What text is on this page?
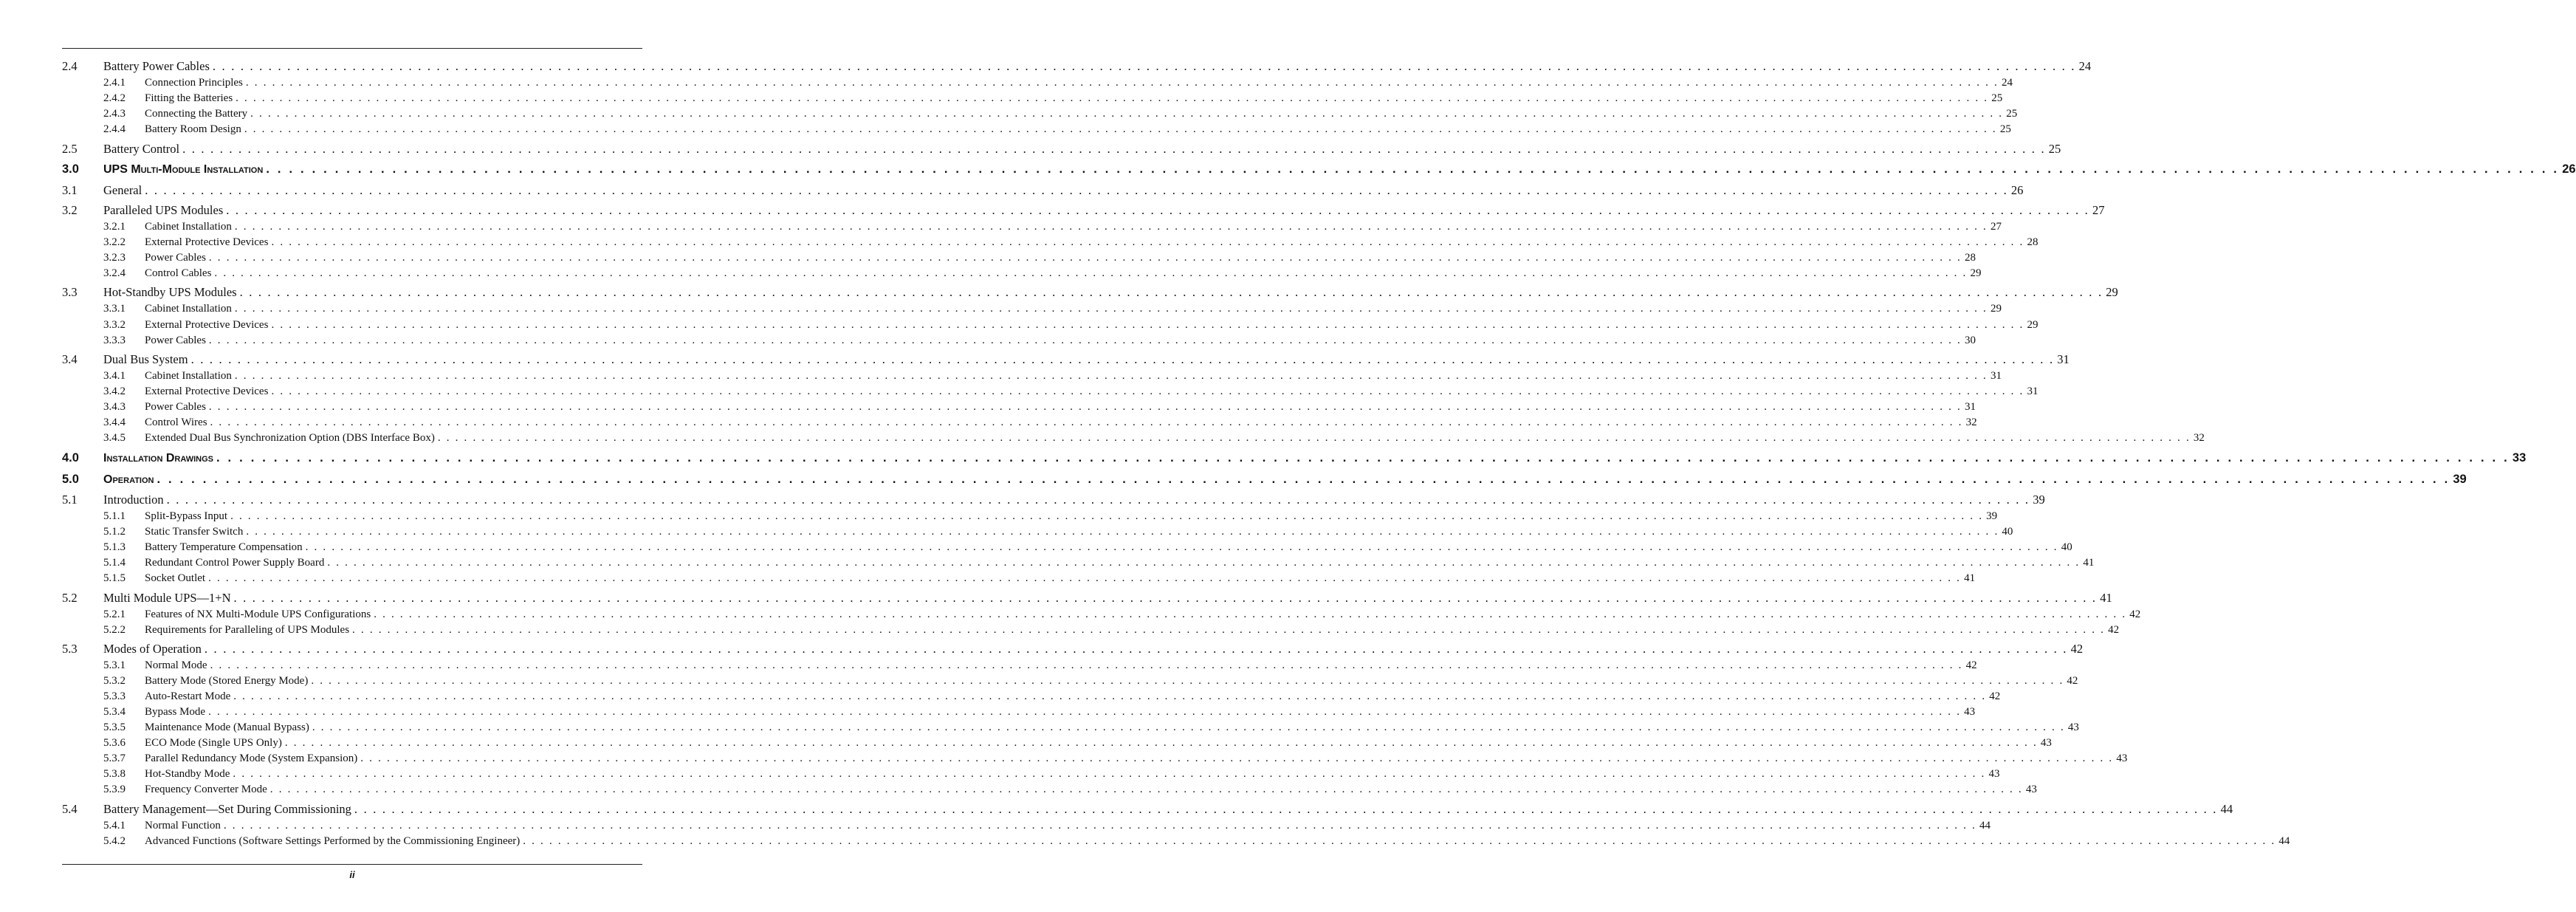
2.4	Battery Power Cables . . . . . . . . . . . . . . . . . . . . . . . . . . . . . . . . . . . . . . . . . . . . . . . . . . . . . . . . . . . . . . . . . . . . . . . . . . . . . . . . . . . . . . . . . . . . . . . . . . . . . . . . . . . . . . . . . . . . . . . . . . . . . . . . . . . . . . . . . . . . . . . . . . . . . . . . . . . . . . . . . . . . . . . . . . . . . . . . . . . . . . . . . . . . . . . . . . . . . . . . 24
2.4.1	Connection Principles . . . . . . . . . . . . . . . . . . . . . . . . . . . . . . . . . . . . . . . . . . . . . . . . . . . . . . . . . . . . . . . . . . . . . . . . . . . . . . . . . . . . . . . . . . . . . . . . . . . . . . . . . . . . . . . . . . . . . . . . . . . . . . . . . . . . . . . . . . . . . . . . . . . . . . . . . . . . . . . . . . . . . . . . . . . . . . . . . . . . . . . . . . . . . . . . . . . . . . . . 24
2.4.2	Fitting the Batteries . . . . . . . . . . . . . . . . . . . . . . . . . . . . . . . . . . . . . . . . . . . . . . . . . . . . . . . . . . . . . . . . . . . . . . . . . . . . . . . . . . . . . . . . . . . . . . . . . . . . . . . . . . . . . . . . . . . . . . . . . . . . . . . . . . . . . . . . . . . . . . . . . . . . . . . . . . . . . . . . . . . . . . . . . . . . . . . . . . . . . . . . . . . . . . . . . . . . . . . . 25
2.4.3	Connecting the Battery . . . . . . . . . . . . . . . . . . . . . . . . . . . . . . . . . . . . . . . . . . . . . . . . . . . . . . . . . . . . . . . . . . . . . . . . . . . . . . . . . . . . . . . . . . . . . . . . . . . . . . . . . . . . . . . . . . . . . . . . . . . . . . . . . . . . . . . . . . . . . . . . . . . . . . . . . . . . . . . . . . . . . . . . . . . . . . . . . . . . . . . . . . . . . . . . . . . . . . . . 25
2.4.4	Battery Room Design . . . . . . . . . . . . . . . . . . . . . . . . . . . . . . . . . . . . . . . . . . . . . . . . . . . . . . . . . . . . . . . . . . . . . . . . . . . . . . . . . . . . . . . . . . . . . . . . . . . . . . . . . . . . . . . . . . . . . . . . . . . . . . . . . . . . . . . . . . . . . . . . . . . . . . . . . . . . . . . . . . . . . . . . . . . . . . . . . . . . . . . . . . . . . . . . . . . . . . . . 25
2.5	Battery Control . . . . . . . . . . . . . . . . . . . . . . . . . . . . . . . . . . . . . . . . . . . . . . . . . . . . . . . . . . . . . . . . . . . . . . . . . . . . . . . . . . . . . . . . . . . . . . . . . . . . . . . . . . . . . . . . . . . . . . . . . . . . . . . . . . . . . . . . . . . . . . . . . . . . . . . . . . . . . . . . . . . . . . . . . . . . . . . . . . . . . . . . . . . . . . . . . . . . . . . . 25
3.0	UPS Multi-Module Installation . . . . . . . . . . . . . . . . . . . . . . . . . . . . . . . . . . . . . . . . . . . . . . . . . . . . . . . . . . . . . . . . . . . . . . . . . . . . . . . . . . . . . . . . . . . . . . . . . . . . . . . . . . . . . . . . . . . . . . . . . . . . . . . . . . . . . . . . . . . . . . . . . . . . . . . . . . . . . . . . . . . . . . . . . . . . . . . . . . . . . . . . . . . . . . . . . . . . . . . . 26
3.1	General . . . . . . . . . . . . . . . . . . . . . . . . . . . . . . . . . . . . . . . . . . . . . . . . . . . . . . . . . . . . . . . . . . . . . . . . . . . . . . . . . . . . . . . . . . . . . . . . . . . . . . . . . . . . . . . . . . . . . . . . . . . . . . . . . . . . . . . . . . . . . . . . . . . . . . . . . . . . . . . . . . . . . . . . . . . . . . . . . . . . . . . . . . . . . . . . . . . . . . . . 26
3.2	Paralleled UPS Modules . . . . . . . . . . . . . . . . . . . . . . . . . . . . . . . . . . . . . . . . . . . . . . . . . . . . . . . . . . . . . . . . . . . . . . . . . . . . . . . . . . . . . . . . . . . . . . . . . . . . . . . . . . . . . . . . . . . . . . . . . . . . . . . . . . . . . . . . . . . . . . . . . . . . . . . . . . . . . . . . . . . . . . . . . . . . . . . . . . . . . . . . . . . . . . . . . . . . . . . . 27
3.2.1	Cabinet Installation . . . . . . . . . . . . . . . . . . . . . . . . . . . . . . . . . . . . . . . . . . . . . . . . . . . . . . . . . . . . . . . . . . . . . . . . . . . . . . . . . . . . . . . . . . . . . . . . . . . . . . . . . . . . . . . . . . . . . . . . . . . . . . . . . . . . . . . . . . . . . . . . . . . . . . . . . . . . . . . . . . . . . . . . . . . . . . . . . . . . . . . . . . . . . . . . . . . . . . . . 27
3.2.2	External Protective Devices . . . . . . . . . . . . . . . . . . . . . . . . . . . . . . . . . . . . . . . . . . . . . . . . . . . . . . . . . . . . . . . . . . . . . . . . . . . . . . . . . . . . . . . . . . . . . . . . . . . . . . . . . . . . . . . . . . . . . . . . . . . . . . . . . . . . . . . . . . . . . . . . . . . . . . . . . . . . . . . . . . . . . . . . . . . . . . . . . . . . . . . . . . . . . . . . . . . . . . . . 28
3.2.3	Power Cables . . . . . . . . . . . . . . . . . . . . . . . . . . . . . . . . . . . . . . . . . . . . . . . . . . . . . . . . . . . . . . . . . . . . . . . . . . . . . . . . . . . . . . . . . . . . . . . . . . . . . . . . . . . . . . . . . . . . . . . . . . . . . . . . . . . . . . . . . . . . . . . . . . . . . . . . . . . . . . . . . . . . . . . . . . . . . . . . . . . . . . . . . . . . . . . . . . . . . . . . 28
3.2.4	Control Cables . . . . . . . . . . . . . . . . . . . . . . . . . . . . . . . . . . . . . . . . . . . . . . . . . . . . . . . . . . . . . . . . . . . . . . . . . . . . . . . . . . . . . . . . . . . . . . . . . . . . . . . . . . . . . . . . . . . . . . . . . . . . . . . . . . . . . . . . . . . . . . . . . . . . . . . . . . . . . . . . . . . . . . . . . . . . . . . . . . . . . . . . . . . . . . . . . . . . . . . . 29
3.3	Hot-Standby UPS Modules . . . . . . . . . . . . . . . . . . . . . . . . . . . . . . . . . . . . . . . . . . . . . . . . . . . . . . . . . . . . . . . . . . . . . . . . . . . . . . . . . . . . . . . . . . . . . . . . . . . . . . . . . . . . . . . . . . . . . . . . . . . . . . . . . . . . . . . . . . . . . . . . . . . . . . . . . . . . . . . . . . . . . . . . . . . . . . . . . . . . . . . . . . . . . . . . . . . . . . . . 29
3.3.1	Cabinet Installation . . . . . . . . . . . . . . . . . . . . . . . . . . . . . . . . . . . . . . . . . . . . . . . . . . . . . . . . . . . . . . . . . . . . . . . . . . . . . . . . . . . . . . . . . . . . . . . . . . . . . . . . . . . . . . . . . . . . . . . . . . . . . . . . . . . . . . . . . . . . . . . . . . . . . . . . . . . . . . . . . . . . . . . . . . . . . . . . . . . . . . . . . . . . . . . . . . . . . . . . 29
3.3.2	External Protective Devices . . . . . . . . . . . . . . . . . . . . . . . . . . . . . . . . . . . . . . . . . . . . . . . . . . . . . . . . . . . . . . . . . . . . . . . . . . . . . . . . . . . . . . . . . . . . . . . . . . . . . . . . . . . . . . . . . . . . . . . . . . . . . . . . . . . . . . . . . . . . . . . . . . . . . . . . . . . . . . . . . . . . . . . . . . . . . . . . . . . . . . . . . . . . . . . . . . . . . . . . 29
3.3.3	Power Cables . . . . . . . . . . . . . . . . . . . . . . . . . . . . . . . . . . . . . . . . . . . . . . . . . . . . . . . . . . . . . . . . . . . . . . . . . . . . . . . . . . . . . . . . . . . . . . . . . . . . . . . . . . . . . . . . . . . . . . . . . . . . . . . . . . . . . . . . . . . . . . . . . . . . . . . . . . . . . . . . . . . . . . . . . . . . . . . . . . . . . . . . . . . . . . . . . . . . . . . . 30
3.4	Dual Bus System . . . . . . . . . . . . . . . . . . . . . . . . . . . . . . . . . . . . . . . . . . . . . . . . . . . . . . . . . . . . . . . . . . . . . . . . . . . . . . . . . . . . . . . . . . . . . . . . . . . . . . . . . . . . . . . . . . . . . . . . . . . . . . . . . . . . . . . . . . . . . . . . . . . . . . . . . . . . . . . . . . . . . . . . . . . . . . . . . . . . . . . . . . . . . . . . . . . . . . . . 31
3.4.1	Cabinet Installation . . . . . . . . . . . . . . . . . . . . . . . . . . . . . . . . . . . . . . . . . . . . . . . . . . . . . . . . . . . . . . . . . . . . . . . . . . . . . . . . . . . . . . . . . . . . . . . . . . . . . . . . . . . . . . . . . . . . . . . . . . . . . . . . . . . . . . . . . . . . . . . . . . . . . . . . . . . . . . . . . . . . . . . . . . . . . . . . . . . . . . . . . . . . . . . . . . . . . . . . 31
3.4.2	External Protective Devices . . . . . . . . . . . . . . . . . . . . . . . . . . . . . . . . . . . . . . . . . . . . . . . . . . . . . . . . . . . . . . . . . . . . . . . . . . . . . . . . . . . . . . . . . . . . . . . . . . . . . . . . . . . . . . . . . . . . . . . . . . . . . . . . . . . . . . . . . . . . . . . . . . . . . . . . . . . . . . . . . . . . . . . . . . . . . . . . . . . . . . . . . . . . . . . . . . . . . . . . 31
3.4.3	Power Cables . . . . . . . . . . . . . . . . . . . . . . . . . . . . . . . . . . . . . . . . . . . . . . . . . . . . . . . . . . . . . . . . . . . . . . . . . . . . . . . . . . . . . . . . . . . . . . . . . . . . . . . . . . . . . . . . . . . . . . . . . . . . . . . . . . . . . . . . . . . . . . . . . . . . . . . . . . . . . . . . . . . . . . . . . . . . . . . . . . . . . . . . . . . . . . . . . . . . . . . . 31
3.4.4	Control Wires . . . . . . . . . . . . . . . . . . . . . . . . . . . . . . . . . . . . . . . . . . . . . . . . . . . . . . . . . . . . . . . . . . . . . . . . . . . . . . . . . . . . . . . . . . . . . . . . . . . . . . . . . . . . . . . . . . . . . . . . . . . . . . . . . . . . . . . . . . . . . . . . . . . . . . . . . . . . . . . . . . . . . . . . . . . . . . . . . . . . . . . . . . . . . . . . . . . . . . . . 32
3.4.5	Extended Dual Bus Synchronization Option (DBS Interface Box) . . . . . . . . . . . . . . . . . . . . . . . . . . . . . . . . . . . . . . . . . . . . . . . . . . . . . . . . . . . . . . . . . . . . . . . . . . . . . . . . . . . . . . . . . . . . . . . . . . . . . . . . . . . . . . . . . . . . . . . . . . . . . . . . . . . . . . . . . . . . . . . . . . . . . . . . . . . . . . . . . . . . . . . . . . . . . . . . . . . . . . . . . . . . . . . . . . . . . . . . 32
4.0	Installation Drawings . . . . . . . . . . . . . . . . . . . . . . . . . . . . . . . . . . . . . . . . . . . . . . . . . . . . . . . . . . . . . . . . . . . . . . . . . . . . . . . . . . . . . . . . . . . . . . . . . . . . . . . . . . . . . . . . . . . . . . . . . . . . . . . . . . . . . . . . . . . . . . . . . . . . . . . . . . . . . . . . . . . . . . . . . . . . . . . . . . . . . . . . . . . . . . . . . . . . . . . . 33
5.0	Operation . . . . . . . . . . . . . . . . . . . . . . . . . . . . . . . . . . . . . . . . . . . . . . . . . . . . . . . . . . . . . . . . . . . . . . . . . . . . . . . . . . . . . . . . . . . . . . . . . . . . . . . . . . . . . . . . . . . . . . . . . . . . . . . . . . . . . . . . . . . . . . . . . . . . . . . . . . . . . . . . . . . . . . . . . . . . . . . . . . . . . . . . . . . . . . . . . . . . . . . . 39
5.1	Introduction . . . . . . . . . . . . . . . . . . . . . . . . . . . . . . . . . . . . . . . . . . . . . . . . . . . . . . . . . . . . . . . . . . . . . . . . . . . . . . . . . . . . . . . . . . . . . . . . . . . . . . . . . . . . . . . . . . . . . . . . . . . . . . . . . . . . . . . . . . . . . . . . . . . . . . . . . . . . . . . . . . . . . . . . . . . . . . . . . . . . . . . . . . . . . . . . . . . . . . . . 39
5.1.1	Split-Bypass Input . . . . . . . . . . . . . . . . . . . . . . . . . . . . . . . . . . . . . . . . . . . . . . . . . . . . . . . . . . . . . . . . . . . . . . . . . . . . . . . . . . . . . . . . . . . . . . . . . . . . . . . . . . . . . . . . . . . . . . . . . . . . . . . . . . . . . . . . . . . . . . . . . . . . . . . . . . . . . . . . . . . . . . . . . . . . . . . . . . . . . . . . . . . . . . . . . . . . . . . . 39
5.1.2	Static Transfer Switch . . . . . . . . . . . . . . . . . . . . . . . . . . . . . . . . . . . . . . . . . . . . . . . . . . . . . . . . . . . . . . . . . . . . . . . . . . . . . . . . . . . . . . . . . . . . . . . . . . . . . . . . . . . . . . . . . . . . . . . . . . . . . . . . . . . . . . . . . . . . . . . . . . . . . . . . . . . . . . . . . . . . . . . . . . . . . . . . . . . . . . . . . . . . . . . . . . . . . . . . 40
5.1.3	Battery Temperature Compensation . . . . . . . . . . . . . . . . . . . . . . . . . . . . . . . . . . . . . . . . . . . . . . . . . . . . . . . . . . . . . . . . . . . . . . . . . . . . . . . . . . . . . . . . . . . . . . . . . . . . . . . . . . . . . . . . . . . . . . . . . . . . . . . . . . . . . . . . . . . . . . . . . . . . . . . . . . . . . . . . . . . . . . . . . . . . . . . . . . . . . . . . . . . . . . . . . . . . . . . . 40
5.1.4	Redundant Control Power Supply Board . . . . . . . . . . . . . . . . . . . . . . . . . . . . . . . . . . . . . . . . . . . . . . . . . . . . . . . . . . . . . . . . . . . . . . . . . . . . . . . . . . . . . . . . . . . . . . . . . . . . . . . . . . . . . . . . . . . . . . . . . . . . . . . . . . . . . . . . . . . . . . . . . . . . . . . . . . . . . . . . . . . . . . . . . . . . . . . . . . . . . . . . . . . . . . . . . . . . . . . . 41
5.1.5	Socket Outlet . . . . . . . . . . . . . . . . . . . . . . . . . . . . . . . . . . . . . . . . . . . . . . . . . . . . . . . . . . . . . . . . . . . . . . . . . . . . . . . . . . . . . . . . . . . . . . . . . . . . . . . . . . . . . . . . . . . . . . . . . . . . . . . . . . . . . . . . . . . . . . . . . . . . . . . . . . . . . . . . . . . . . . . . . . . . . . . . . . . . . . . . . . . . . . . . . . . . . . . . 41
5.2	Multi Module UPS—1+N . . . . . . . . . . . . . . . . . . . . . . . . . . . . . . . . . . . . . . . . . . . . . . . . . . . . . . . . . . . . . . . . . . . . . . . . . . . . . . . . . . . . . . . . . . . . . . . . . . . . . . . . . . . . . . . . . . . . . . . . . . . . . . . . . . . . . . . . . . . . . . . . . . . . . . . . . . . . . . . . . . . . . . . . . . . . . . . . . . . . . . . . . . . . . . . . . . . . . . . . 41
5.2.1	Features of NX Multi-Module UPS Configurations . . . . . . . . . . . . . . . . . . . . . . . . . . . . . . . . . . . . . . . . . . . . . . . . . . . . . . . . . . . . . . . . . . . . . . . . . . . . . . . . . . . . . . . . . . . . . . . . . . . . . . . . . . . . . . . . . . . . . . . . . . . . . . . . . . . . . . . . . . . . . . . . . . . . . . . . . . . . . . . . . . . . . . . . . . . . . . . . . . . . . . . . . . . . . . . . . . . . . . . . 42
5.2.2	Requirements for Paralleling of UPS Modules . . . . . . . . . . . . . . . . . . . . . . . . . . . . . . . . . . . . . . . . . . . . . . . . . . . . . . . . . . . . . . . . . . . . . . . . . . . . . . . . . . . . . . . . . . . . . . . . . . . . . . . . . . . . . . . . . . . . . . . . . . . . . . . . . . . . . . . . . . . . . . . . . . . . . . . . . . . . . . . . . . . . . . . . . . . . . . . . . . . . . . . . . . . . . . . . . . . . . . . . 42
5.3	Modes of Operation . . . . . . . . . . . . . . . . . . . . . . . . . . . . . . . . . . . . . . . . . . . . . . . . . . . . . . . . . . . . . . . . . . . . . . . . . . . . . . . . . . . . . . . . . . . . . . . . . . . . . . . . . . . . . . . . . . . . . . . . . . . . . . . . . . . . . . . . . . . . . . . . . . . . . . . . . . . . . . . . . . . . . . . . . . . . . . . . . . . . . . . . . . . . . . . . . . . . . . . . 42
5.3.1	Normal Mode . . . . . . . . . . . . . . . . . . . . . . . . . . . . . . . . . . . . . . . . . . . . . . . . . . . . . . . . . . . . . . . . . . . . . . . . . . . . . . . . . . . . . . . . . . . . . . . . . . . . . . . . . . . . . . . . . . . . . . . . . . . . . . . . . . . . . . . . . . . . . . . . . . . . . . . . . . . . . . . . . . . . . . . . . . . . . . . . . . . . . . . . . . . . . . . . . . . . . . . . 42
5.3.2	Battery Mode (Stored Energy Mode) . . . . . . . . . . . . . . . . . . . . . . . . . . . . . . . . . . . . . . . . . . . . . . . . . . . . . . . . . . . . . . . . . . . . . . . . . . . . . . . . . . . . . . . . . . . . . . . . . . . . . . . . . . . . . . . . . . . . . . . . . . . . . . . . . . . . . . . . . . . . . . . . . . . . . . . . . . . . . . . . . . . . . . . . . . . . . . . . . . . . . . . . . . . . . . . . . . . . . . . . 42
5.3.3	Auto-Restart Mode . . . . . . . . . . . . . . . . . . . . . . . . . . . . . . . . . . . . . . . . . . . . . . . . . . . . . . . . . . . . . . . . . . . . . . . . . . . . . . . . . . . . . . . . . . . . . . . . . . . . . . . . . . . . . . . . . . . . . . . . . . . . . . . . . . . . . . . . . . . . . . . . . . . . . . . . . . . . . . . . . . . . . . . . . . . . . . . . . . . . . . . . . . . . . . . . . . . . . . . . 42
5.3.4	Bypass Mode . . . . . . . . . . . . . . . . . . . . . . . . . . . . . . . . . . . . . . . . . . . . . . . . . . . . . . . . . . . . . . . . . . . . . . . . . . . . . . . . . . . . . . . . . . . . . . . . . . . . . . . . . . . . . . . . . . . . . . . . . . . . . . . . . . . . . . . . . . . . . . . . . . . . . . . . . . . . . . . . . . . . . . . . . . . . . . . . . . . . . . . . . . . . . . . . . . . . . . . . 43
5.3.5	Maintenance Mode (Manual Bypass) . . . . . . . . . . . . . . . . . . . . . . . . . . . . . . . . . . . . . . . . . . . . . . . . . . . . . . . . . . . . . . . . . . . . . . . . . . . . . . . . . . . . . . . . . . . . . . . . . . . . . . . . . . . . . . . . . . . . . . . . . . . . . . . . . . . . . . . . . . . . . . . . . . . . . . . . . . . . . . . . . . . . . . . . . . . . . . . . . . . . . . . . . . . . . . . . . . . . . . . . 43
5.3.6	ECO Mode (Single UPS Only) . . . . . . . . . . . . . . . . . . . . . . . . . . . . . . . . . . . . . . . . . . . . . . . . . . . . . . . . . . . . . . . . . . . . . . . . . . . . . . . . . . . . . . . . . . . . . . . . . . . . . . . . . . . . . . . . . . . . . . . . . . . . . . . . . . . . . . . . . . . . . . . . . . . . . . . . . . . . . . . . . . . . . . . . . . . . . . . . . . . . . . . . . . . . . . . . . . . . . . . . 43
5.3.7	Parallel Redundancy Mode (System Expansion) . . . . . . . . . . . . . . . . . . . . . . . . . . . . . . . . . . . . . . . . . . . . . . . . . . . . . . . . . . . . . . . . . . . . . . . . . . . . . . . . . . . . . . . . . . . . . . . . . . . . . . . . . . . . . . . . . . . . . . . . . . . . . . . . . . . . . . . . . . . . . . . . . . . . . . . . . . . . . . . . . . . . . . . . . . . . . . . . . . . . . . . . . . . . . . . . . . . . . . . . 43
5.3.8	Hot-Standby Mode . . . . . . . . . . . . . . . . . . . . . . . . . . . . . . . . . . . . . . . . . . . . . . . . . . . . . . . . . . . . . . . . . . . . . . . . . . . . . . . . . . . . . . . . . . . . . . . . . . . . . . . . . . . . . . . . . . . . . . . . . . . . . . . . . . . . . . . . . . . . . . . . . . . . . . . . . . . . . . . . . . . . . . . . . . . . . . . . . . . . . . . . . . . . . . . . . . . . . . . . 43
5.3.9	Frequency Converter Mode . . . . . . . . . . . . . . . . . . . . . . . . . . . . . . . . . . . . . . . . . . . . . . . . . . . . . . . . . . . . . . . . . . . . . . . . . . . . . . . . . . . . . . . . . . . . . . . . . . . . . . . . . . . . . . . . . . . . . . . . . . . . . . . . . . . . . . . . . . . . . . . . . . . . . . . . . . . . . . . . . . . . . . . . . . . . . . . . . . . . . . . . . . . . . . . . . . . . . . . . 43
5.4	Battery Management—Set During Commissioning . . . . . . . . . . . . . . . . . . . . . . . . . . . . . . . . . . . . . . . . . . . . . . . . . . . . . . . . . . . . . . . . . . . . . . . . . . . . . . . . . . . . . . . . . . . . . . . . . . . . . . . . . . . . . . . . . . . . . . . . . . . . . . . . . . . . . . . . . . . . . . . . . . . . . . . . . . . . . . . . . . . . . . . . . . . . . . . . . . . . . . . . . . . . . . . . . . . . . . . . 44
5.4.1	Normal Function . . . . . . . . . . . . . . . . . . . . . . . . . . . . . . . . . . . . . . . . . . . . . . . . . . . . . . . . . . . . . . . . . . . . . . . . . . . . . . . . . . . . . . . . . . . . . . . . . . . . . . . . . . . . . . . . . . . . . . . . . . . . . . . . . . . . . . . . . . . . . . . . . . . . . . . . . . . . . . . . . . . . . . . . . . . . . . . . . . . . . . . . . . . . . . . . . . . . . . . . 44
5.4.2	Advanced Functions (Software Settings Performed by the Commissioning Engineer) . . . . . . . . . . . . . . . . . . . . . . . . . . . . . . . . . . . . . . . . . . . . . . . . . . . . . . . . . . . . . . . . . . . . . . . . . . . . . . . . . . . . . . . . . . . . . . . . . . . . . . . . . . . . . . . . . . . . . . . . . . . . . . . . . . . . . . . . . . . . . . . . . . . . . . . . . . . . . . . . . . . . . . . . . . . . . . . . . . . . . . . . . . . . . . . . . . . . . . . . 44
ii
